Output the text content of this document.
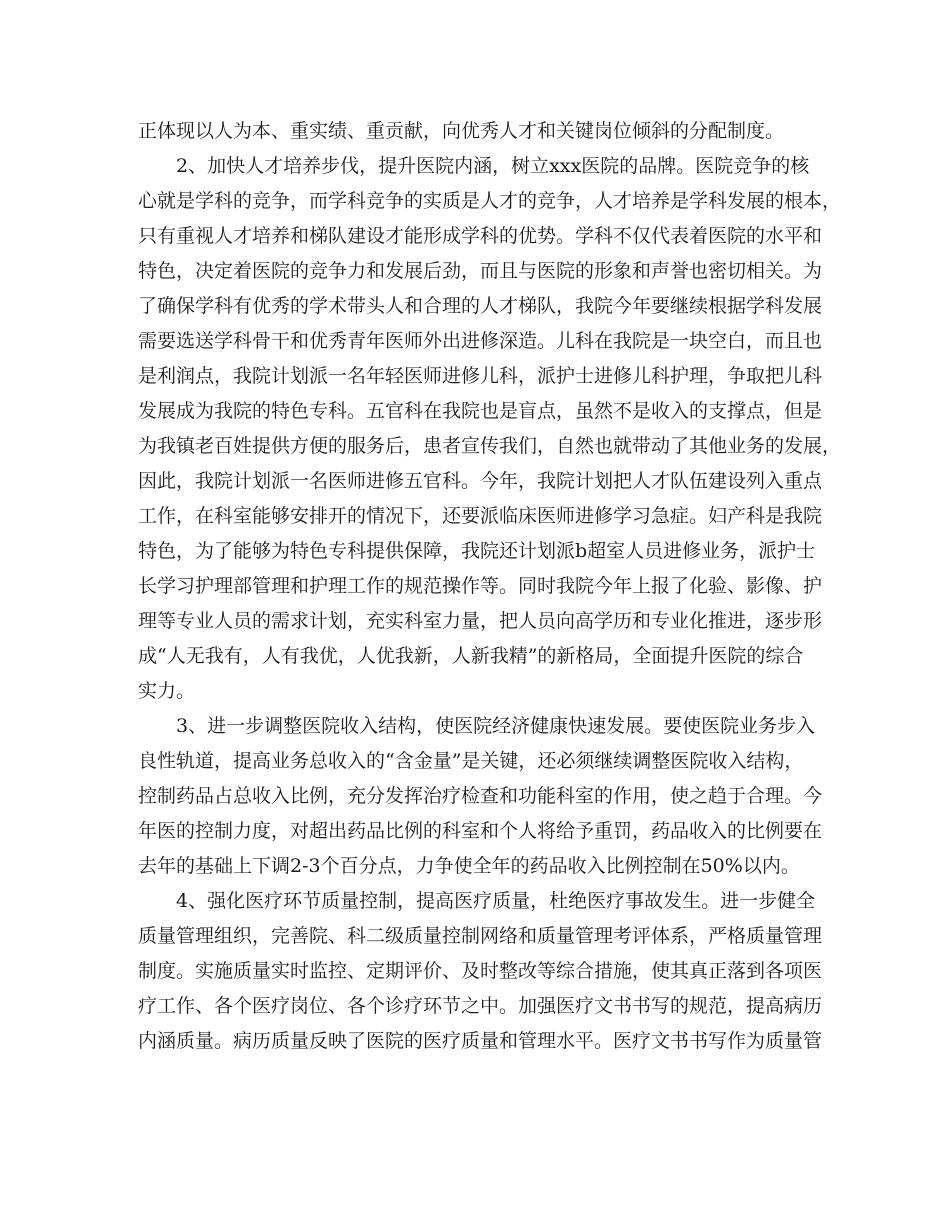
正体现以人为本、重实绩、重贡献，向优秀人才和关键岗位倾斜的分配制度。
2、加快人才培养步伐，提升医院内涵，树立xxx医院的品牌。医院竞争的核
心就是学科的竞争，而学科竞争的实质是人才的竞争，人才培养是学科发展的根本，
只有重视人才培养和梯队建设才能形成学科的优势。学科不仅代表着医院的水平和
特色，决定着医院的竞争力和发展后劲，而且与医院的形象和声誉也密切相关。为
了确保学科有优秀的学术带头人和合理的人才梯队，我院今年要继续根据学科发展
需要选送学科骨干和优秀青年医师外出进修深造。儿科在我院是一块空白，而且也
是利润点，我院计划派一名年轻医师进修儿科，派护士进修儿科护理，争取把儿科
发展成为我院的特色专科。五官科在我院也是盲点，虽然不是收入的支撑点，但是
为我镇老百姓提供方便的服务后，患者宣传我们，自然也就带动了其他业务的发展，
因此，我院计划派一名医师进修五官科。今年，我院计划把人才队伍建设列入重点
工作，在科室能够安排开的情况下，还要派临床医师进修学习急症。妇产科是我院
特色，为了能够为特色专科提供保障，我院还计划派b超室人员进修业务，派护士
长学习护理部管理和护理工作的规范操作等。同时我院今年上报了化验、影像、护
理等专业人员的需求计划，充实科室力量，把人员向高学历和专业化推进，逐步形
成“人无我有，人有我优，人优我新，人新我精”的新格局，全面提升医院的综合
实力。
3、进一步调整医院收入结构，使医院经济健康快速发展。要使医院业务步入
良性轨道，提高业务总收入的“含金量”是关键，还必须继续调整医院收入结构，
控制药品占总收入比例，充分发挥治疗检查和功能科室的作用，使之趋于合理。今
年医的控制力度，对超出药品比例的科室和个人将给予重罚，药品收入的比例要在
去年的基础上下调2-3个百分点，力争使全年的药品收入比例控制在50%以内。
4、强化医疗环节质量控制，提高医疗质量，杜绝医疗事故发生。进一步健全
质量管理组织，完善院、科二级质量控制网络和质量管理考评体系，严格质量管理
制度。实施质量实时监控、定期评价、及时整改等综合措施，使其真正落到各项医
疗工作、各个医疗岗位、各个诊疗环节之中。加强医疗文书书写的规范，提高病历
内涵质量。病历质量反映了医院的医疗质量和管理水平。医疗文书书写作为质量管
